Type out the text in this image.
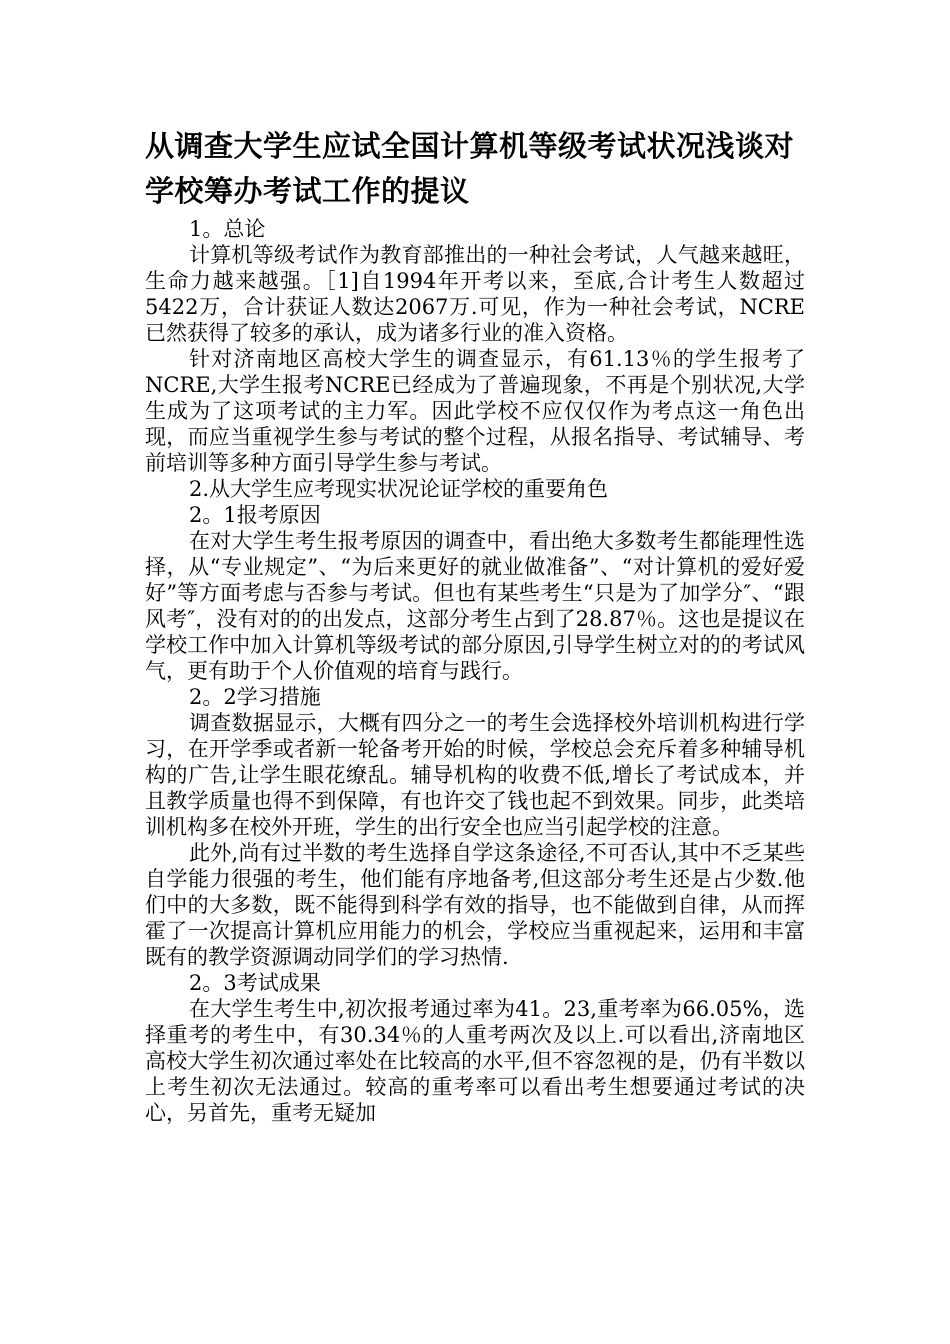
从调查大学生应试全国计算机等级考试状况浅谈对学校筹办考试工作的提议

1。总论

计算机等级考试作为教育部推出的一种社会考试，人气越来越旺，生命力越来越强。［1]自1994年开考以来，至底,合计考生人数超过5422万，合计获证人数达2067万.可见，作为一种社会考试，NCRE已然获得了较多的承认，成为诸多行业的准入资格。

针对济南地区高校大学生的调查显示，有61.13％的学生报考了NCRE,大学生报考NCRE已经成为了普遍现象，不再是个别状况,大学生成为了这项考试的主力军。因此学校不应仅仅作为考点这一角色出现，而应当重视学生参与考试的整个过程，从报名指导、考试辅导、考前培训等多种方面引导学生参与考试。

2.从大学生应考现实状况论证学校的重要角色

2。1报考原因

在对大学生考生报考原因的调查中，看出绝大多数考生都能理性选择，从“专业规定”、“为后来更好的就业做准备”、“对计算机的爱好爱好”等方面考虑与否参与考试。但也有某些考生“只是为了加学分″、“跟风考″，没有对的的出发点，这部分考生占到了28.87％。这也是提议在学校工作中加入计算机等级考试的部分原因,引导学生树立对的的考试风气，更有助于个人价值观的培育与践行。

2。2学习措施

调查数据显示，大概有四分之一的考生会选择校外培训机构进行学习，在开学季或者新一轮备考开始的时候，学校总会充斥着多种辅导机构的广告,让学生眼花缭乱。辅导机构的收费不低,增长了考试成本，并且教学质量也得不到保障，有也许交了钱也起不到效果。同步，此类培训机构多在校外开班，学生的出行安全也应当引起学校的注意。

此外,尚有过半数的考生选择自学这条途径,不可否认,其中不乏某些自学能力很强的考生，他们能有序地备考,但这部分考生还是占少数.他们中的大多数，既不能得到科学有效的指导，也不能做到自律，从而挥霍了一次提高计算机应用能力的机会，学校应当重视起来，运用和丰富既有的教学资源调动同学们的学习热情.

2。3考试成果

在大学生考生中,初次报考通过率为41。23,重考率为66.05%，选择重考的考生中，有30.34％的人重考两次及以上.可以看出,济南地区高校大学生初次通过率处在比较高的水平,但不容忽视的是，仍有半数以上考生初次无法通过。较高的重考率可以看出考生想要通过考试的决心，另首先，重考无疑加
